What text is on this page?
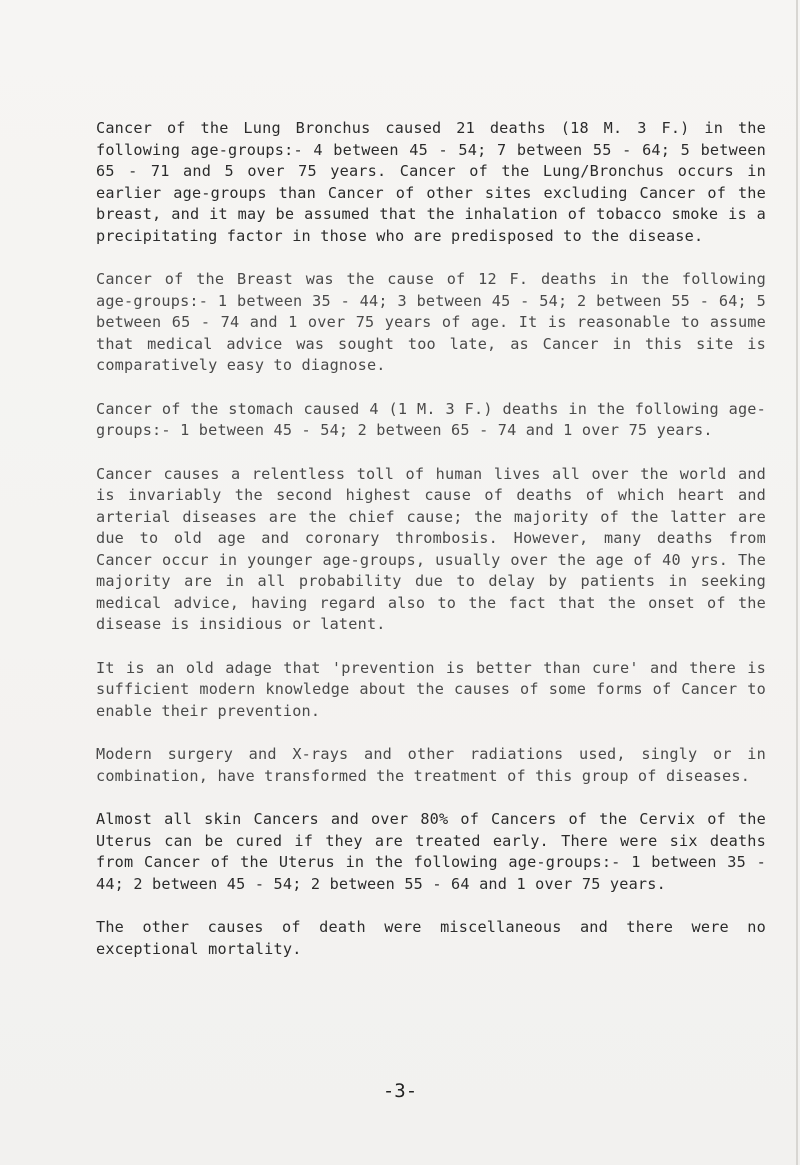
Cancer of the Lung Bronchus caused 21 deaths (18 M. 3 F.) in the following age-groups:- 4 between 45 - 54; 7 between 55 - 64; 5 between 65 - 71 and 5 over 75 years. Cancer of the Lung/Bronchus occurs in earlier age-groups than Cancer of other sites excluding Cancer of the breast, and it may be assumed that the inhalation of tobacco smoke is a precipitating factor in those who are predisposed to the disease.

Cancer of the Breast was the cause of 12 F. deaths in the following age-groups:- 1 between 35 - 44; 3 between 45 - 54; 2 between 55 - 64; 5 between 65 - 74 and 1 over 75 years of age. It is reasonable to assume that medical advice was sought too late, as Cancer in this site is comparatively easy to diagnose.

Cancer of the stomach caused 4 (1 M. 3 F.) deaths in the following age-groups:- 1 between 45 - 54; 2 between 65 - 74 and 1 over 75 years.

Cancer causes a relentless toll of human lives all over the world and is invariably the second highest cause of deaths of which heart and arterial diseases are the chief cause; the majority of the latter are due to old age and coronary thrombosis. However, many deaths from Cancer occur in younger age-groups, usually over the age of 40 yrs. The majority are in all probability due to delay by patients in seeking medical advice, having regard also to the fact that the onset of the disease is insidious or latent.

It is an old adage that 'prevention is better than cure' and there is sufficient modern knowledge about the causes of some forms of Cancer to enable their prevention.

Modern surgery and X-rays and other radiations used, singly or in combination, have transformed the treatment of this group of diseases.

Almost all skin Cancers and over 80% of Cancers of the Cervix of the Uterus can be cured if they are treated early. There were six deaths from Cancer of the Uterus in the following age-groups:- 1 between 35 - 44; 2 between 45 - 54; 2 between 55 - 64 and 1 over 75 years.

The other causes of death were miscellaneous and there were no exceptional mortality.

-3-
